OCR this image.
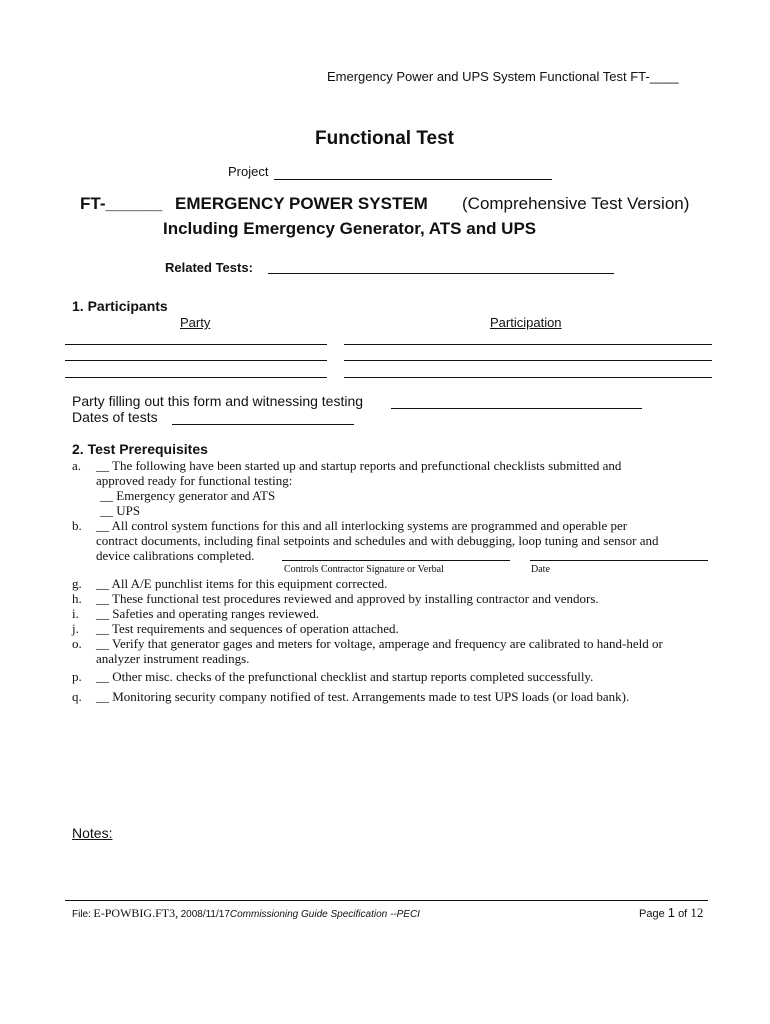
Emergency Power and UPS System Functional Test FT-____
Functional Test
Project
FT-______ EMERGENCY POWER SYSTEM (Comprehensive Test Version)
Including Emergency Generator, ATS and UPS
Related Tests:
1. Participants
Party	Participation
Party filling out this form and witnessing testing
Dates of tests
2. Test Prerequisites
a. __ The following have been started up and startup reports and prefunctional checklists submitted and
approved ready for functional testing:
__ Emergency generator and ATS
__ UPS
b. __ All control system functions for this and all interlocking systems are programmed and operable per
contract documents, including final setpoints and schedules and with debugging, loop tuning and sensor and
device calibrations completed.
Controls Contractor Signature or Verbal	Date
g. __ All A/E punchlist items for this equipment corrected.
h. __ These functional test procedures reviewed and approved by installing contractor and vendors.
i. __ Safeties and operating ranges reviewed.
j. __ Test requirements and sequences of operation attached.
o. __ Verify that generator gages and meters for voltage, amperage and frequency are calibrated to hand-held or
analyzer instrument readings.
p. __ Other misc. checks of the prefunctional checklist and startup reports completed successfully.
q. __ Monitoring security company notified of test. Arrangements made to test UPS loads (or load bank).
Notes:
File: E-POWBIG.FT3, 2008/11/17Commissioning Guide Specification --PECI	Page 1 of 12
